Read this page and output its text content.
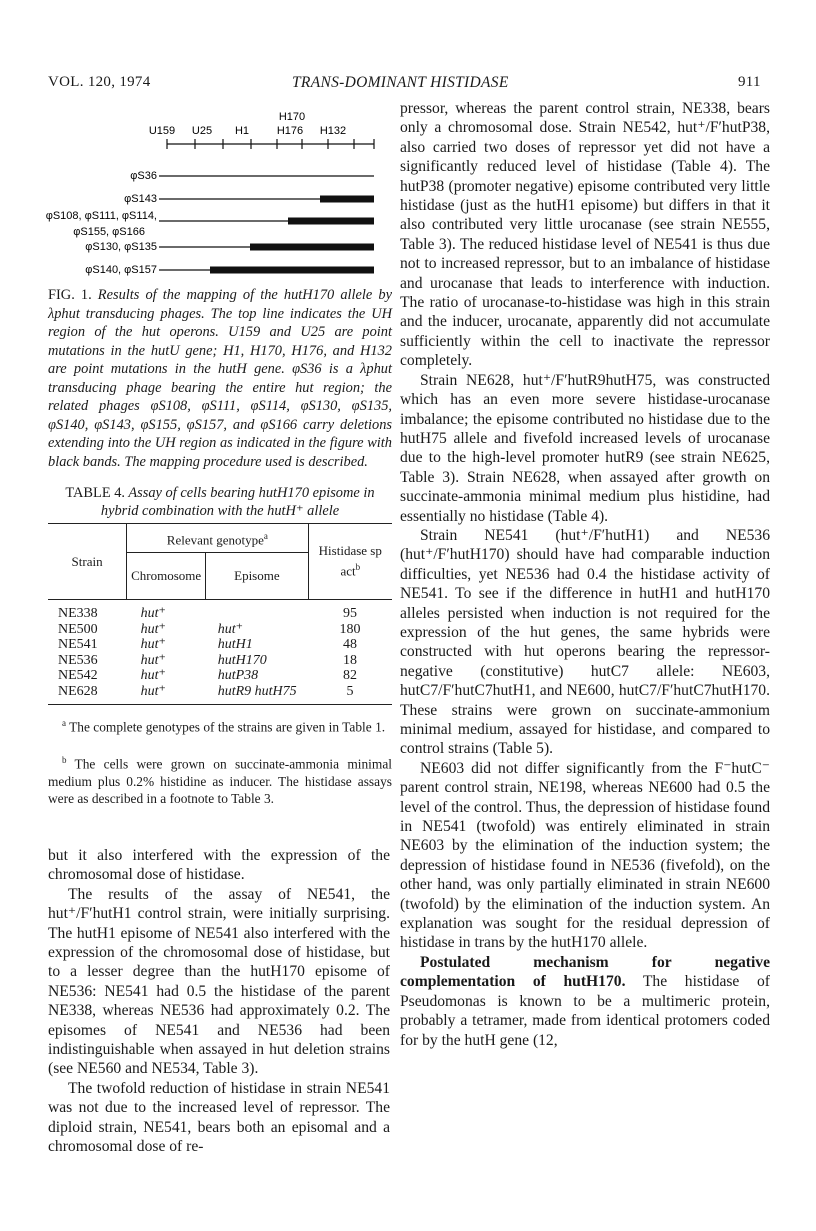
VOL. 120, 1974	TRANS-DOMINANT HISTIDASE	911
U159 U25 H1
H170
H176 H132
φS36
φS143
φS108, φS111, φS114,
φS155, φS166
φS130, φS135
φS140, φS157
FIG. 1. Results of the mapping of the hutH170 allele by λphut transducing phages. The top line indicates the UH region of the hut operons. U159 and U25 are point mutations in the hutU gene; H1, H170, H176, and H132 are point mutations in the hutH gene. φS36 is a λphut transducing phage bearing the entire hut region; the related phages φS108, φS111, φS114, φS130, φS135, φS140, φS143, φS155, φS157, and φS166 carry deletions extending into the UH region as indicated in the figure with black bands. The mapping procedure used is described.
TABLE 4. Assay of cells bearing hutH170 episome in hybrid combination with the hutH⁺ allele
Strain	Relevant genotype$^a$		Histidase sp act$^b$
	Chromosome	Episome	

NE338	hut⁺		95
NE500	hut⁺	hut⁺	180
NE541	hut⁺	hutH1	48
NE536	hut⁺	hutH170	18
NE542	hut⁺	hutP38	82
NE628	hut⁺	hutR9 hutH75	5
$^a$ The complete genotypes of the strains are given in Table 1.
$^b$ The cells were grown on succinate-ammonia minimal medium plus 0.2% histidine as inducer. The histidase assays were as described in a footnote to Table 3.

but it also interfered with the expression of the chromosomal dose of histidase.

The results of the assay of NE541, the hut⁺/F′hutH1 control strain, were initially surprising. The hutH1 episome of NE541 also interfered with the expression of the chromosomal dose of histidase, but to a lesser degree than the hutH170 episome of NE536: NE541 had 0.5 the histidase of the parent NE338, whereas NE536 had approximately 0.2. The episomes of NE541 and NE536 had been indistinguishable when assayed in hut deletion strains (see NE560 and NE534, Table 3).

The twofold reduction of histidase in strain NE541 was not due to the increased level of repressor. The diploid strain, NE541, bears both an episomal and a chromosomal dose of re-

pressor, whereas the parent control strain, NE338, bears only a chromosomal dose. Strain NE542, hut⁺/F′hutP38, also carried two doses of repressor yet did not have a significantly reduced level of histidase (Table 4). The hutP38 (promoter negative) episome contributed very little histidase (just as the hutH1 episome) but differs in that it also contributed very little urocanase (see strain NE555, Table 3). The reduced histidase level of NE541 is thus due not to increased repressor, but to an imbalance of histidase and urocanase that leads to interference with induction. The ratio of urocanase-to-histidase was high in this strain and the inducer, urocanate, apparently did not accumulate sufficiently within the cell to inactivate the repressor completely.

Strain NE628, hut⁺/F′hutR9hutH75, was constructed which has an even more severe histidase-urocanase imbalance; the episome contributed no histidase due to the hutH75 allele and fivefold increased levels of urocanase due to the high-level promoter hutR9 (see strain NE625, Table 3). Strain NE628, when assayed after growth on succinate-ammonia minimal medium plus histidine, had essentially no histidase (Table 4).

Strain NE541 (hut⁺/F′hutH1) and NE536 (hut⁺/F′hutH170) should have had comparable induction difficulties, yet NE536 had 0.4 the histidase activity of NE541. To see if the difference in hutH1 and hutH170 alleles persisted when induction is not required for the expression of the hut genes, the same hybrids were constructed with hut operons bearing the repressor-negative (constitutive) hutC7 allele: NE603, hutC7/F′hutC7hutH1, and NE600, hutC7/F′hutC7hutH170. These strains were grown on succinate-ammonium minimal medium, assayed for histidase, and compared to control strains (Table 5).

NE603 did not differ significantly from the F⁻hutC⁻ parent control strain, NE198, whereas NE600 had 0.5 the level of the control. Thus, the depression of histidase found in NE541 (twofold) was entirely eliminated in strain NE603 by the elimination of the induction system; the depression of histidase found in NE536 (fivefold), on the other hand, was only partially eliminated in strain NE600 (twofold) by the elimination of the induction system. An explanation was sought for the residual depression of histidase in trans by the hutH170 allele.

Postulated mechanism for negative complementation of hutH170. The histidase of Pseudomonas is known to be a multimeric protein, probably a tetramer, made from identical protomers coded for by the hutH gene (12,
